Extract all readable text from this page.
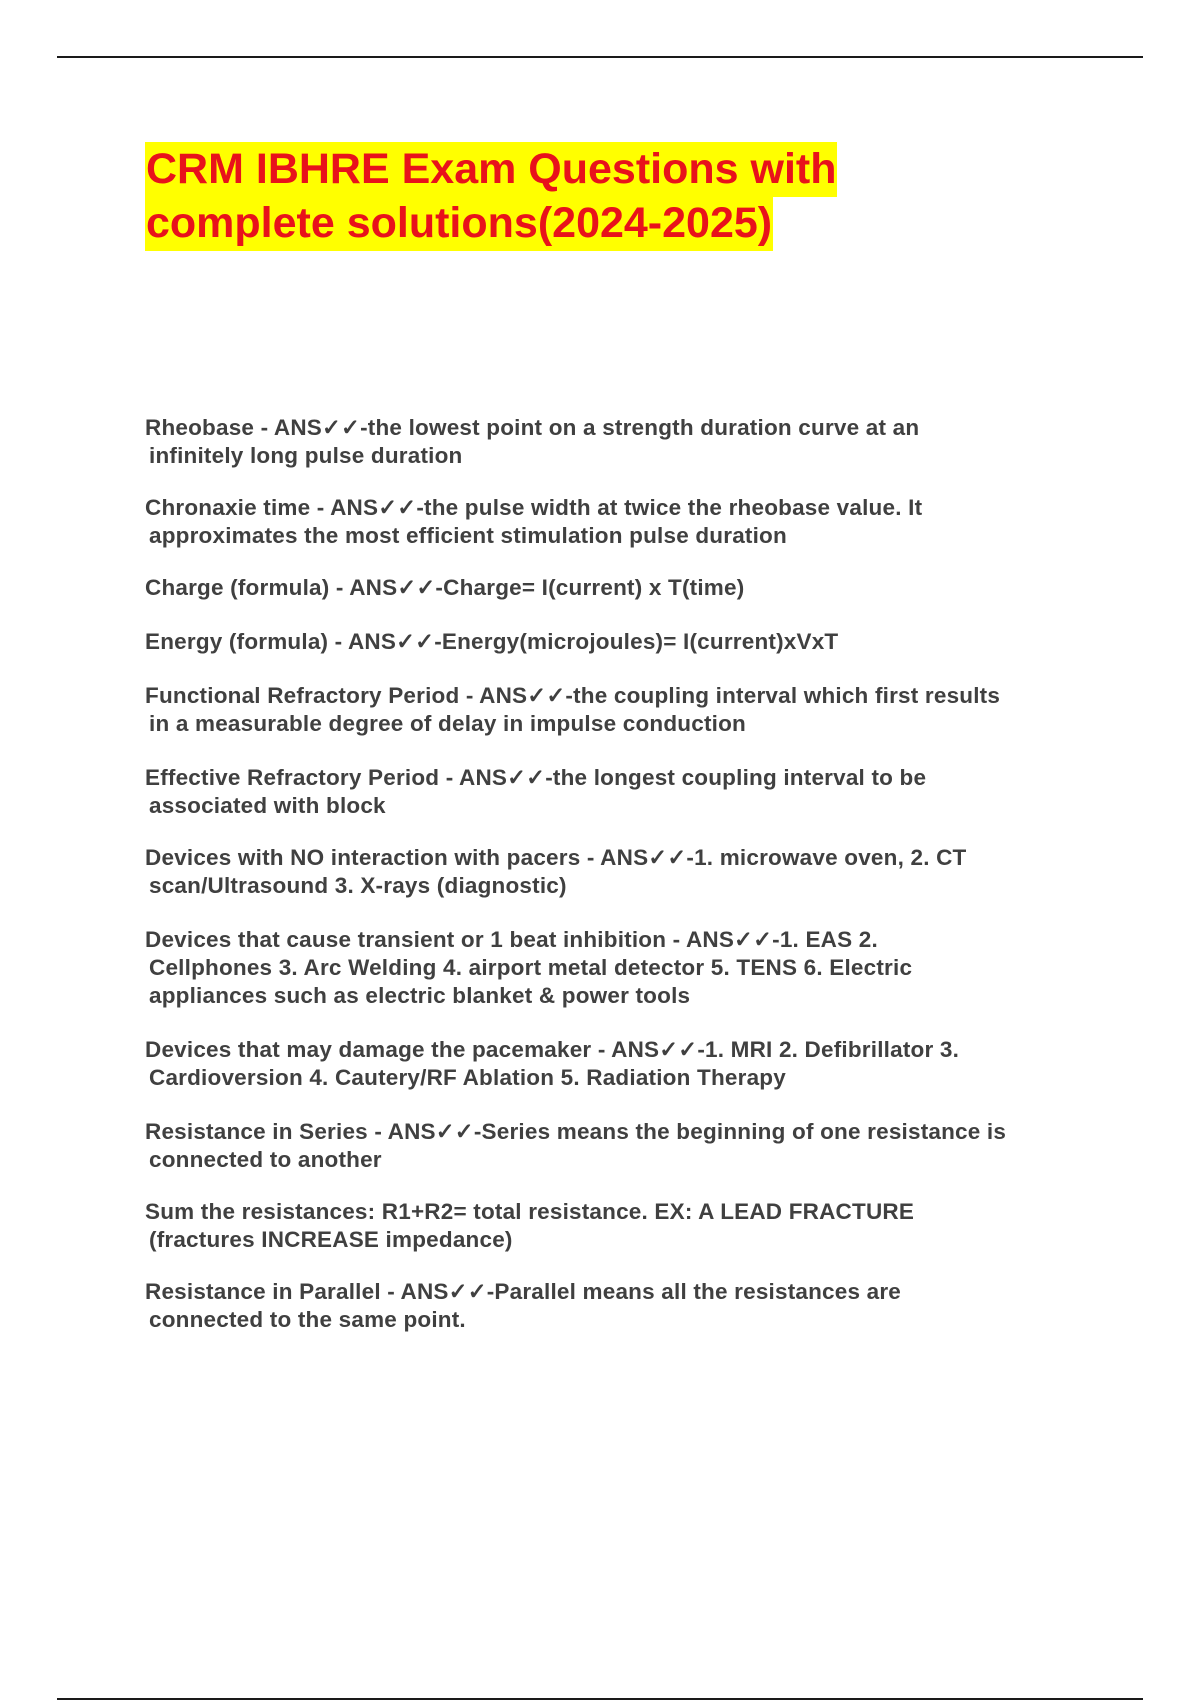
CRM IBHRE Exam Questions with
complete solutions(2024-2025)
Rheobase - ANS✓✓-the lowest point on a strength duration curve at an
infinitely long pulse duration
Chronaxie time - ANS✓✓-the pulse width at twice the rheobase value. It
approximates the most efficient stimulation pulse duration
Charge (formula) - ANS✓✓-Charge= I(current) x T(time)
Energy (formula) - ANS✓✓-Energy(microjoules)= I(current)xVxT
Functional Refractory Period - ANS✓✓-the coupling interval which first results
in a measurable degree of delay in impulse conduction
Effective Refractory Period - ANS✓✓-the longest coupling interval to be
associated with block
Devices with NO interaction with pacers - ANS✓✓-1. microwave oven, 2. CT
scan/Ultrasound 3. X-rays (diagnostic)
Devices that cause transient or 1 beat inhibition - ANS✓✓-1. EAS 2.
Cellphones 3. Arc Welding 4. airport metal detector 5. TENS 6. Electric
appliances such as electric blanket & power tools
Devices that may damage the pacemaker - ANS✓✓-1. MRI 2. Defibrillator 3.
Cardioversion 4. Cautery/RF Ablation 5. Radiation Therapy
Resistance in Series - ANS✓✓-Series means the beginning of one resistance is
connected to another
Sum the resistances: R1+R2= total resistance. EX: A LEAD FRACTURE
(fractures INCREASE impedance)
Resistance in Parallel - ANS✓✓-Parallel means all the resistances are
connected to the same point.
